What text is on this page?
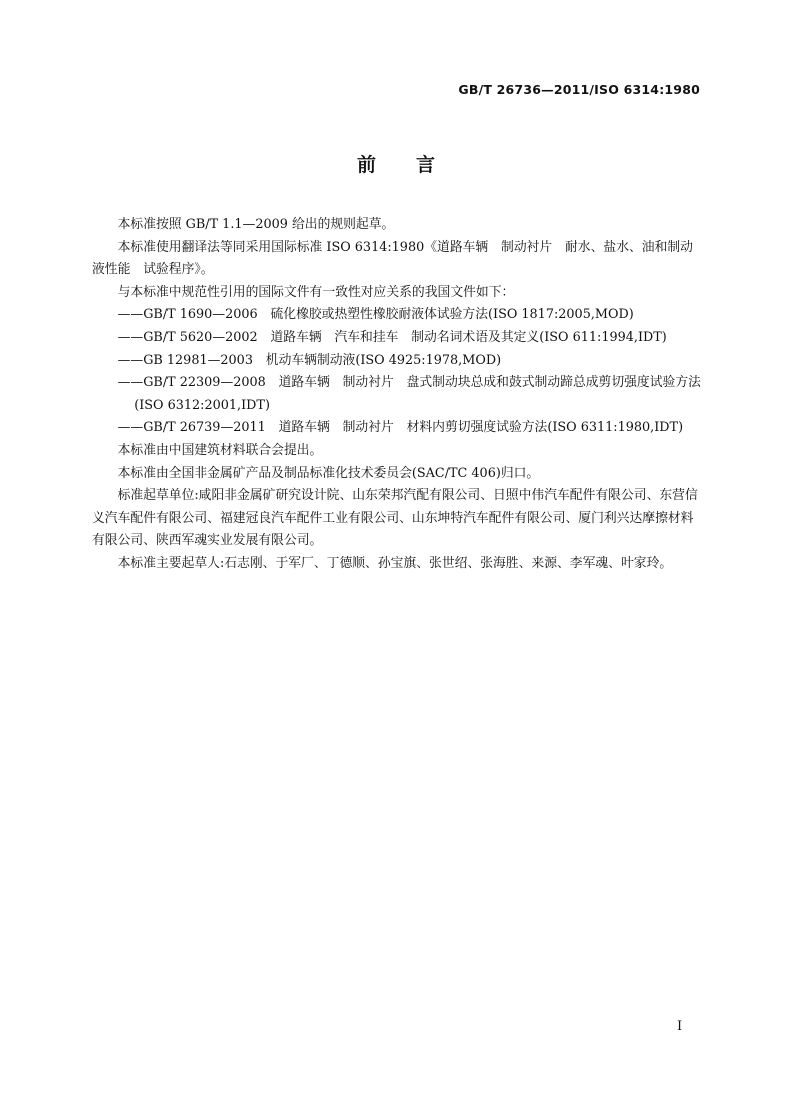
GB/T 26736—2011/ISO 6314:1980
前言

本标准按照 GB/T 1.1—2009 给出的规则起草。

本标准使用翻译法等同采用国际标准 ISO 6314:1980《道路车辆　制动衬片　耐水、盐水、油和制动液性能　试验程序》。

与本标准中规范性引用的国际文件有一致性对应关系的我国文件如下：

——GB/T 1690—2006　硫化橡胶或热塑性橡胶耐液体试验方法(ISO 1817:2005,MOD)

——GB/T 5620—2002　道路车辆　汽车和挂车　制动名词术语及其定义(ISO 611:1994,IDT)

——GB 12981—2003　机动车辆制动液(ISO 4925:1978,MOD)

——GB/T 22309—2008　道路车辆　制动衬片　盘式制动块总成和鼓式制动蹄总成剪切强度试验方法(ISO 6312:2001,IDT)

——GB/T 26739—2011　道路车辆　制动衬片　材料内剪切强度试验方法(ISO 6311:1980,IDT)

本标准由中国建筑材料联合会提出。

本标准由全国非金属矿产品及制品标准化技术委员会(SAC/TC 406)归口。

标准起草单位:咸阳非金属矿研究设计院、山东荣邦汽配有限公司、日照中伟汽车配件有限公司、东营信义汽车配件有限公司、福建冠良汽车配件工业有限公司、山东坤特汽车配件有限公司、厦门利兴达摩擦材料有限公司、陕西军魂实业发展有限公司。

本标准主要起草人:石志刚、于军厂、丁德顺、孙宝旗、张世绍、张海胜、来源、李军魂、叶家玲。

I
